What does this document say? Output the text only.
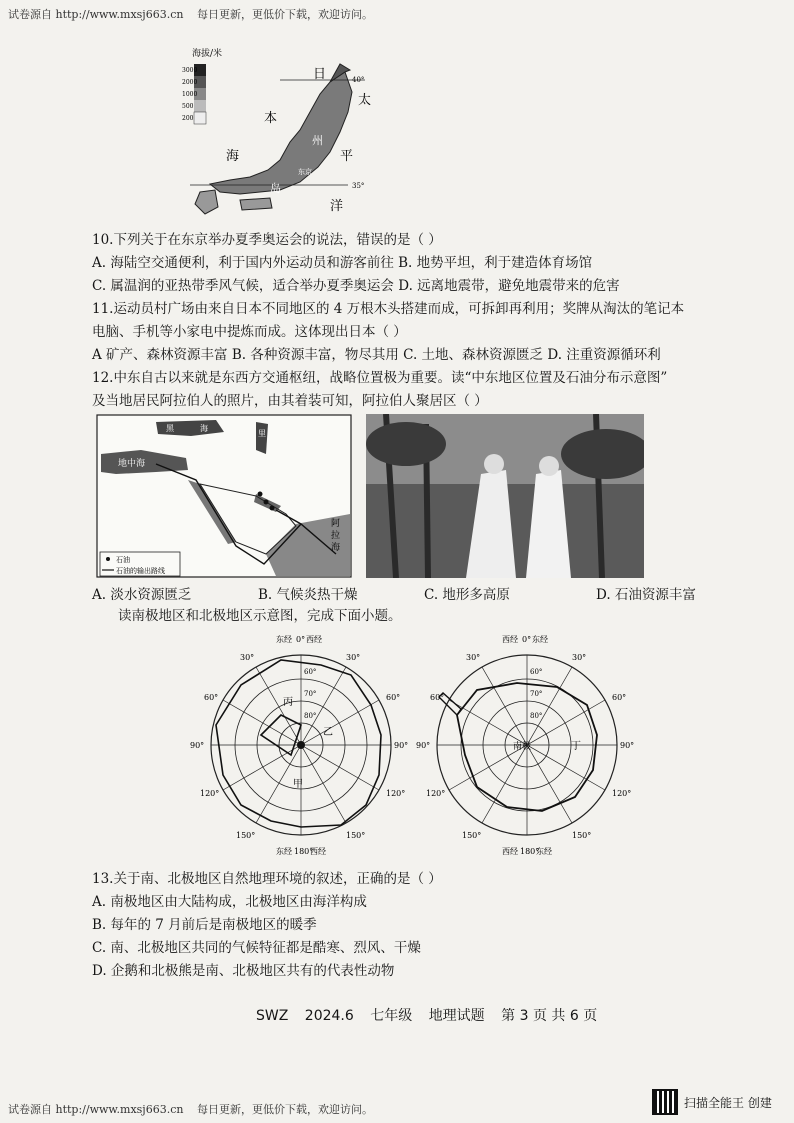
试卷源自 http://www.mxsj663.cn 每日更新，更低价下载，欢迎访问。
海拔/米
3000
2000
1000
500
200
40°
35°
日
本
太
海	平
洋
岛
州
东京
10.下列关于在东京举办夏季奥运会的说法，错误的是（ ）
A. 海陆空交通便利，利于国内外运动员和游客前往 B. 地势平坦，利于建造体育场馆
C. 属温润的亚热带季风气候，适合举办夏季奥运会 D. 远离地震带，避免地震带来的危害
11.运动员村广场由来自日本不同地区的 4 万根木头搭建而成，可拆卸再利用；奖牌从淘汰的笔记本
电脑、手机等小家电中提炼而成。这体现出日本（ ）
A 矿产、森林资源丰富 B. 各种资源丰富，物尽其用 C. 土地、森林资源匮乏 D. 注重资源循环利
12.中东自古以来就是东西方交通枢纽，战略位置极为重要。读“中东地区位置及石油分布示意图”
及当地居民阿拉伯人的照片，由其着装可知，阿拉伯人聚居区（ ）
黑	海
地中海
里
阿
拉
海
石油
石油的输出路线
A. 淡水资源匮乏	B. 气候炎热干燥	C. 地形多高原	D. 石油资源丰富
读南极地区和北极地区示意图，完成下面小题。
丙
乙
甲
东经 0° 西经
东经 180°
西经
30°
60°
90°
120°
150°
30°
60°
90°
120°
150°
60°
70°
80°
南极	丁
西经 0° 东经
西经 180°
东经
30°
60°
90°
120°
150°
30°
60°
90°
120°
150°
60°
70°
80°
13.关于南、北极地区自然地理环境的叙述，正确的是（ ）
A. 南极地区由大陆构成，北极地区由海洋构成
B. 每年的 7 月前后是南极地区的暖季
C. 南、北极地区共同的气候特征都是酷寒、烈风、干燥
D. 企鹅和北极熊是南、北极地区共有的代表性动物
SWZ 2024.6 七年级 地理试题 第 3 页 共 6 页
扫描全能王 创建
试卷源自 http://www.mxsj663.cn 每日更新，更低价下载，欢迎访问。
